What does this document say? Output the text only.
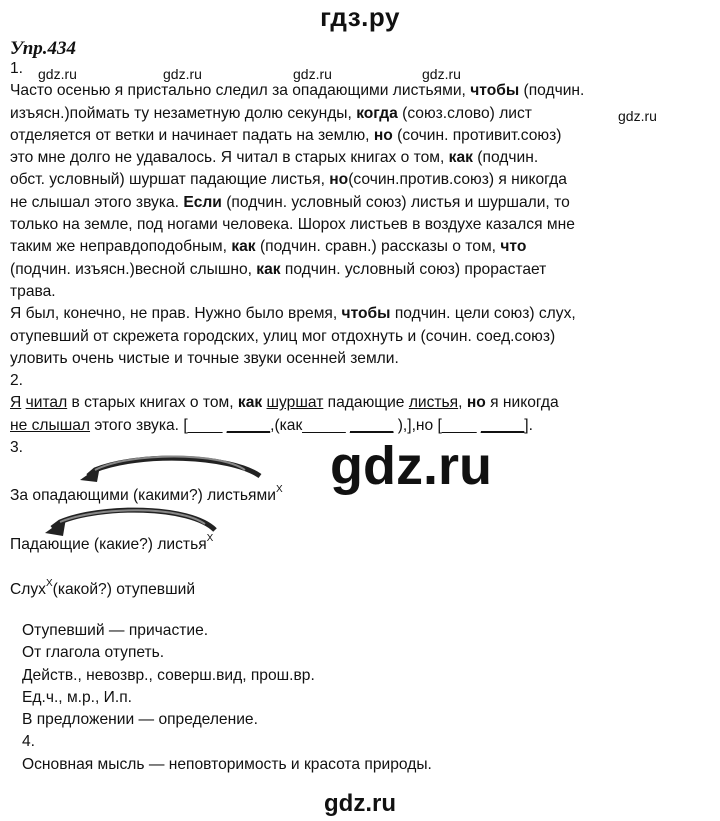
гдз.ру
Упр.434
1.
Часто осенью я пристально следил за опадающими листьями, чтобы (подчин.
изъясн.)поймать ту незаметную долю секунды, когда (союз.слово) лист
отделяется от ветки и начинает падать на землю, но (сочин. противит.союз)
это мне долго не удавалось. Я читал в старых книгах о том, как (подчин.
обст. условный) шуршат падающие листья, но(сочин.против.союз) я никогда
не слышал этого звука. Если (подчин. условный союз) листья и шуршали, то
только на земле, под ногами человека. Шорох листьев в воздухе казался мне
таким же неправдоподобным, как (подчин. сравн.) рассказы о том, что
(подчин. изъясн.)весной слышно, как подчин. условный союз) прорастает
трава.
Я был, конечно, не прав. Нужно было время, чтобы подчин. цели союз) слух,
отупевший от скрежета городских, улиц мог отдохнуть и (сочин. соед.союз)
уловить очень чистые и точные звуки осенней земли.
2.
Я читал в старых книгах о том, как шуршат падающие листья, но я никогда
не слышал этого звука. [____ _____,(как_____ _____ ),],но [____ _____].
3.
gdz.ru	gdz.ru	gdz.ru	gdz.ru
gdz.ru
gdz.ru
За опадающими (какими?) листьями$^X$
Падающие (какие?) листья$^X$
Слух$^X$(какой?) отупевший
Отупевший — причастие.
От глагола отупеть.
Действ., невозвр., соверш.вид, прош.вр.
Ед.ч., м.р., И.п.
В предложении — определение.
4.
Основная мысль — неповторимость и красота природы.
gdz.ru
